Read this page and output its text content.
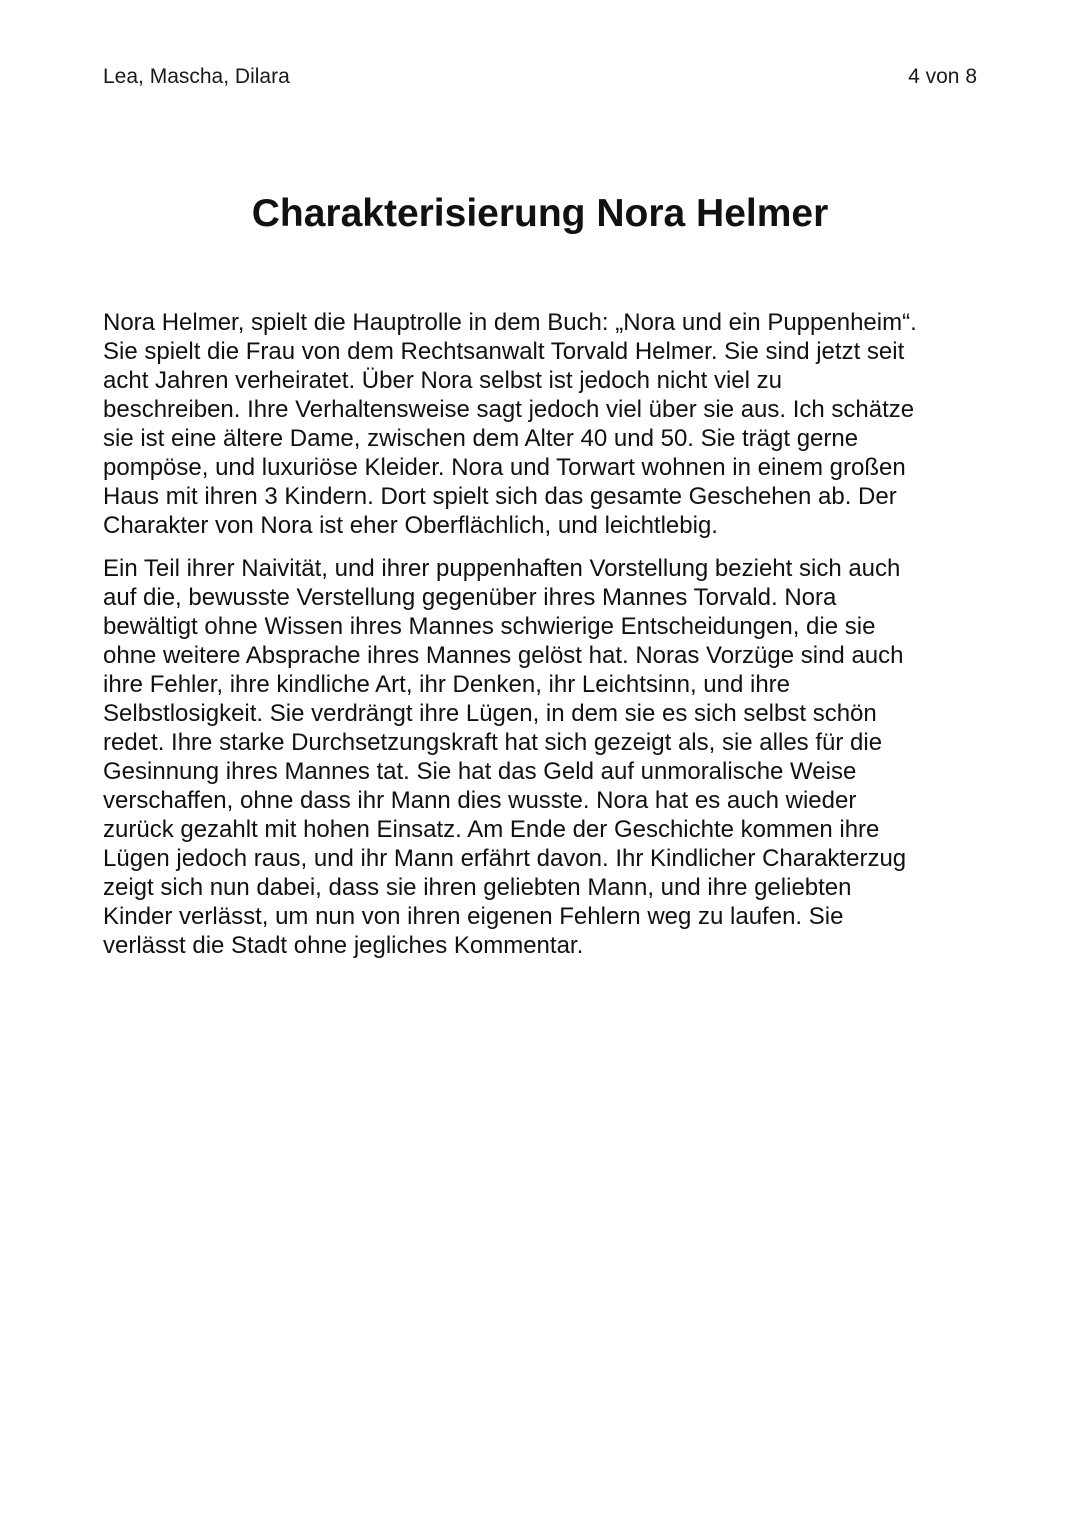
Lea, Mascha, Dilara	4 von 8
Charakterisierung Nora Helmer

Nora Helmer, spielt die Hauptrolle in dem Buch: „Nora und ein Puppenheim“.
Sie spielt die Frau von dem Rechtsanwalt Torvald Helmer. Sie sind jetzt seit
acht Jahren verheiratet. Über Nora selbst ist jedoch nicht viel zu
beschreiben. Ihre Verhaltensweise sagt jedoch viel über sie aus. Ich schätze
sie ist eine ältere Dame, zwischen dem Alter 40 und 50. Sie trägt gerne
pompöse, und luxuriöse Kleider. Nora und Torwart wohnen in einem großen
Haus mit ihren 3 Kindern. Dort spielt sich das gesamte Geschehen ab. Der
Charakter von Nora ist eher Oberflächlich, und leichtlebig.

Ein Teil ihrer Naivität, und ihrer puppenhaften Vorstellung bezieht sich auch
auf die, bewusste Verstellung gegenüber ihres Mannes Torvald. Nora
bewältigt ohne Wissen ihres Mannes schwierige Entscheidungen, die sie
ohne weitere Absprache ihres Mannes gelöst hat. Noras Vorzüge sind auch
ihre Fehler, ihre kindliche Art, ihr Denken, ihr Leichtsinn, und ihre
Selbstlosigkeit. Sie verdrängt ihre Lügen, in dem sie es sich selbst schön
redet. Ihre starke Durchsetzungskraft hat sich gezeigt als, sie alles für die
Gesinnung ihres Mannes tat. Sie hat das Geld auf unmoralische Weise
verschaffen, ohne dass ihr Mann dies wusste. Nora hat es auch wieder
zurück gezahlt mit hohen Einsatz. Am Ende der Geschichte kommen ihre
Lügen jedoch raus, und ihr Mann erfährt davon. Ihr Kindlicher Charakterzug
zeigt sich nun dabei, dass sie ihren geliebten Mann, und ihre geliebten
Kinder verlässt, um nun von ihren eigenen Fehlern weg zu laufen. Sie
verlässt die Stadt ohne jegliches Kommentar.
